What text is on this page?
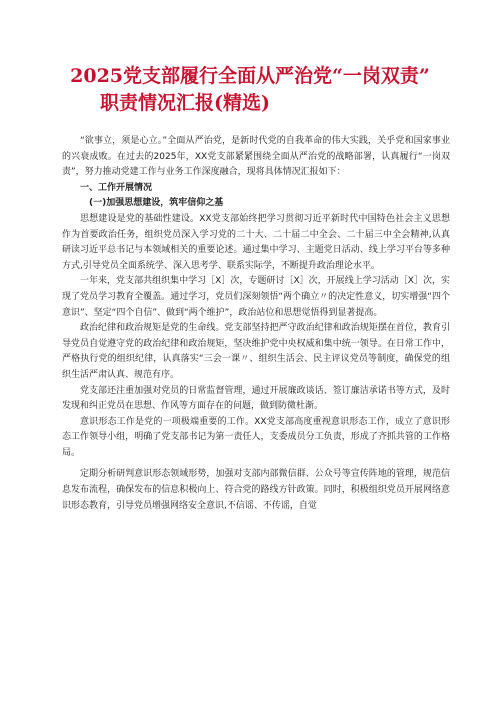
2025党支部履行全面从严治党“一岗双责”
职责情况汇报(精选)

“欲事立，须是心立。”全面从严治党，是新时代党的自我革命的伟大实践，关乎党和国家事业的兴衰成败。在过去的2025年，XX党支部紧紧围绕全面从严治党的战略部署，认真履行“一岗双责”，努力推动党建工作与业务工作深度融合，现将具体情况汇报如下：

一、工作开展情况
(一)加强思想建设，筑牢信仰之基

思想建设是党的基础性建设。XX党支部始终把学习贯彻习近平新时代中国特色社会主义思想作为首要政治任务，组织党员深入学习党的二十大、二十届二中全会、二十届三中全会精神,认真研读习近平总书记与本领域相关的重要论述。通过集中学习、主题党日活动、线上学习平台等多种方式,引导党员全面系统学、深入思考学、联系实际学，不断提升政治理论水平。

一年来，党支部共组织集中学习［X］次，专题研讨［X］次，开展线上学习活动［X］次，实现了党员学习教育全覆盖。通过学习，党员们深刻领悟“两个确立〃的决定性意义，切实增强“四个意识”、坚定“四个自信”、做到“两个维护”，政治站位和思想觉悟得到显著提高。

政治纪律和政治规矩是党的生命线。党支部坚持把严守政治纪律和政治规矩摆在首位，教育引导党员自觉遵守党的政治纪律和政治规矩，坚决维护党中央权威和集中统一领导。在日常工作中，严格执行党的组织纪律，认真落实“三会一课〃、组织生活会、民主评议党员等制度，确保党的组织生活严肃认真、规范有序。

党支部还注重加强对党员的日常监督管理，通过开展廉政谈话、签订廉洁承诺书等方式，及时发现和纠正党员在思想、作风等方面存在的问题，做到防微杜渐。

意识形态工作是党的一项极端重要的工作。XX党支部高度重视意识形态工作，成立了意识形态工作领导小组，明确了党支部书记为第一责任人，支委成员分工负责，形成了齐抓共管的工作格局。

定期分析研判意识形态领域形势，加强对支部内部微信群、公众号等宣传阵地的管理，规范信息发布流程，确保发布的信息积极向上、符合党的路线方针政策。同时，积极组织党员开展网络意识形态教育，引导党员增强网络安全意识,不信谣、不传谣，自觉
